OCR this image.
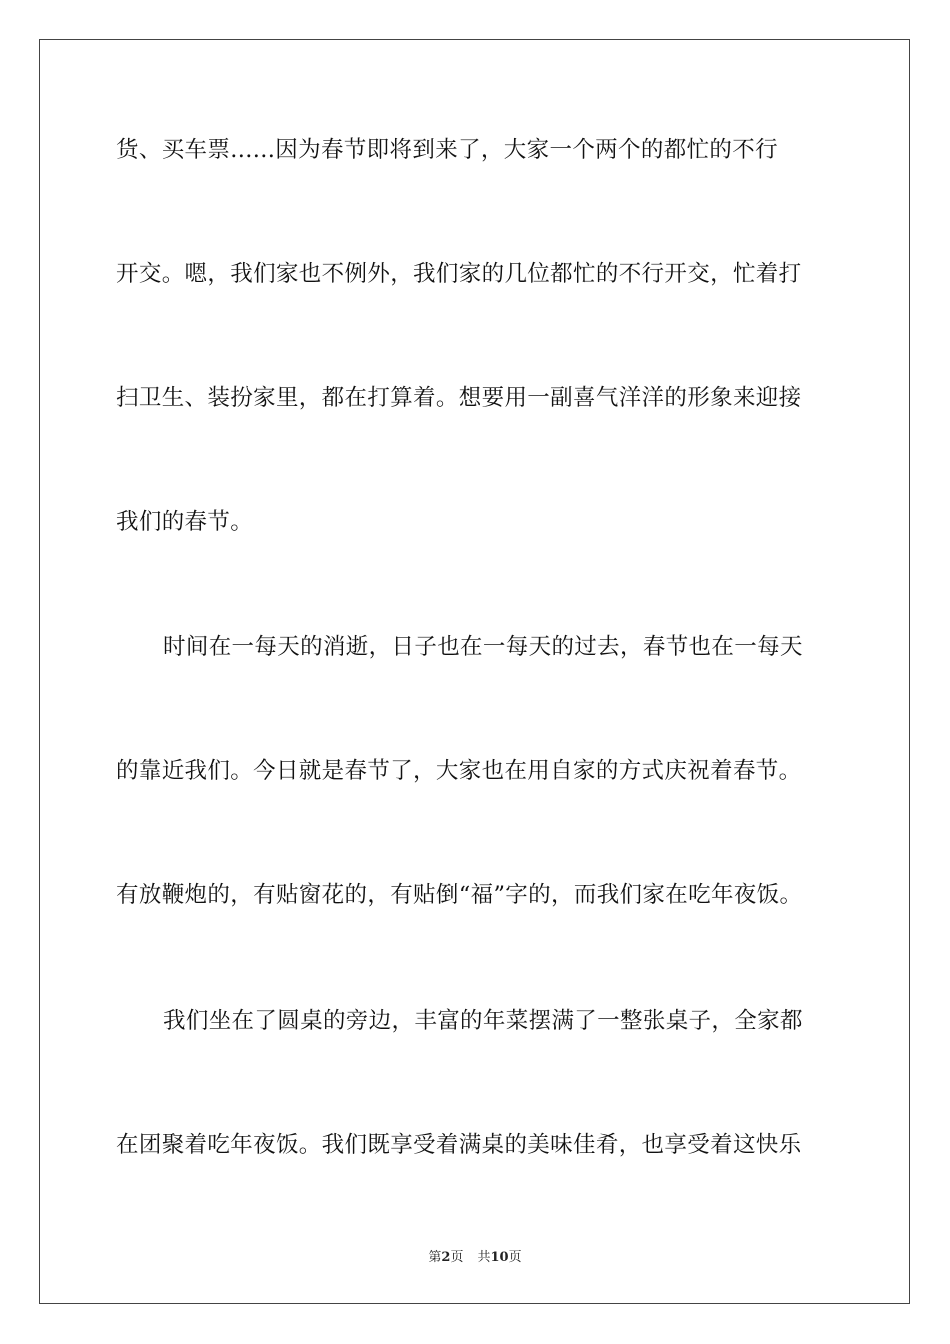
货、买车票......因为春节即将到来了，大家一个两个的都忙的不行
开交。嗯，我们家也不例外，我们家的几位都忙的不行开交，忙着打
扫卫生、装扮家里，都在打算着。想要用一副喜气洋洋的形象来迎接
我们的春节。
时间在一每天的消逝，日子也在一每天的过去，春节也在一每天
的靠近我们。今日就是春节了，大家也在用自家的方式庆祝着春节。
有放鞭炮的，有贴窗花的，有贴倒“福”字的，而我们家在吃年夜饭。
我们坐在了圆桌的旁边，丰富的年菜摆满了一整张桌子，全家都
在团聚着吃年夜饭。我们既享受着满桌的美味佳肴，也享受着这快乐
第2页 共10页
